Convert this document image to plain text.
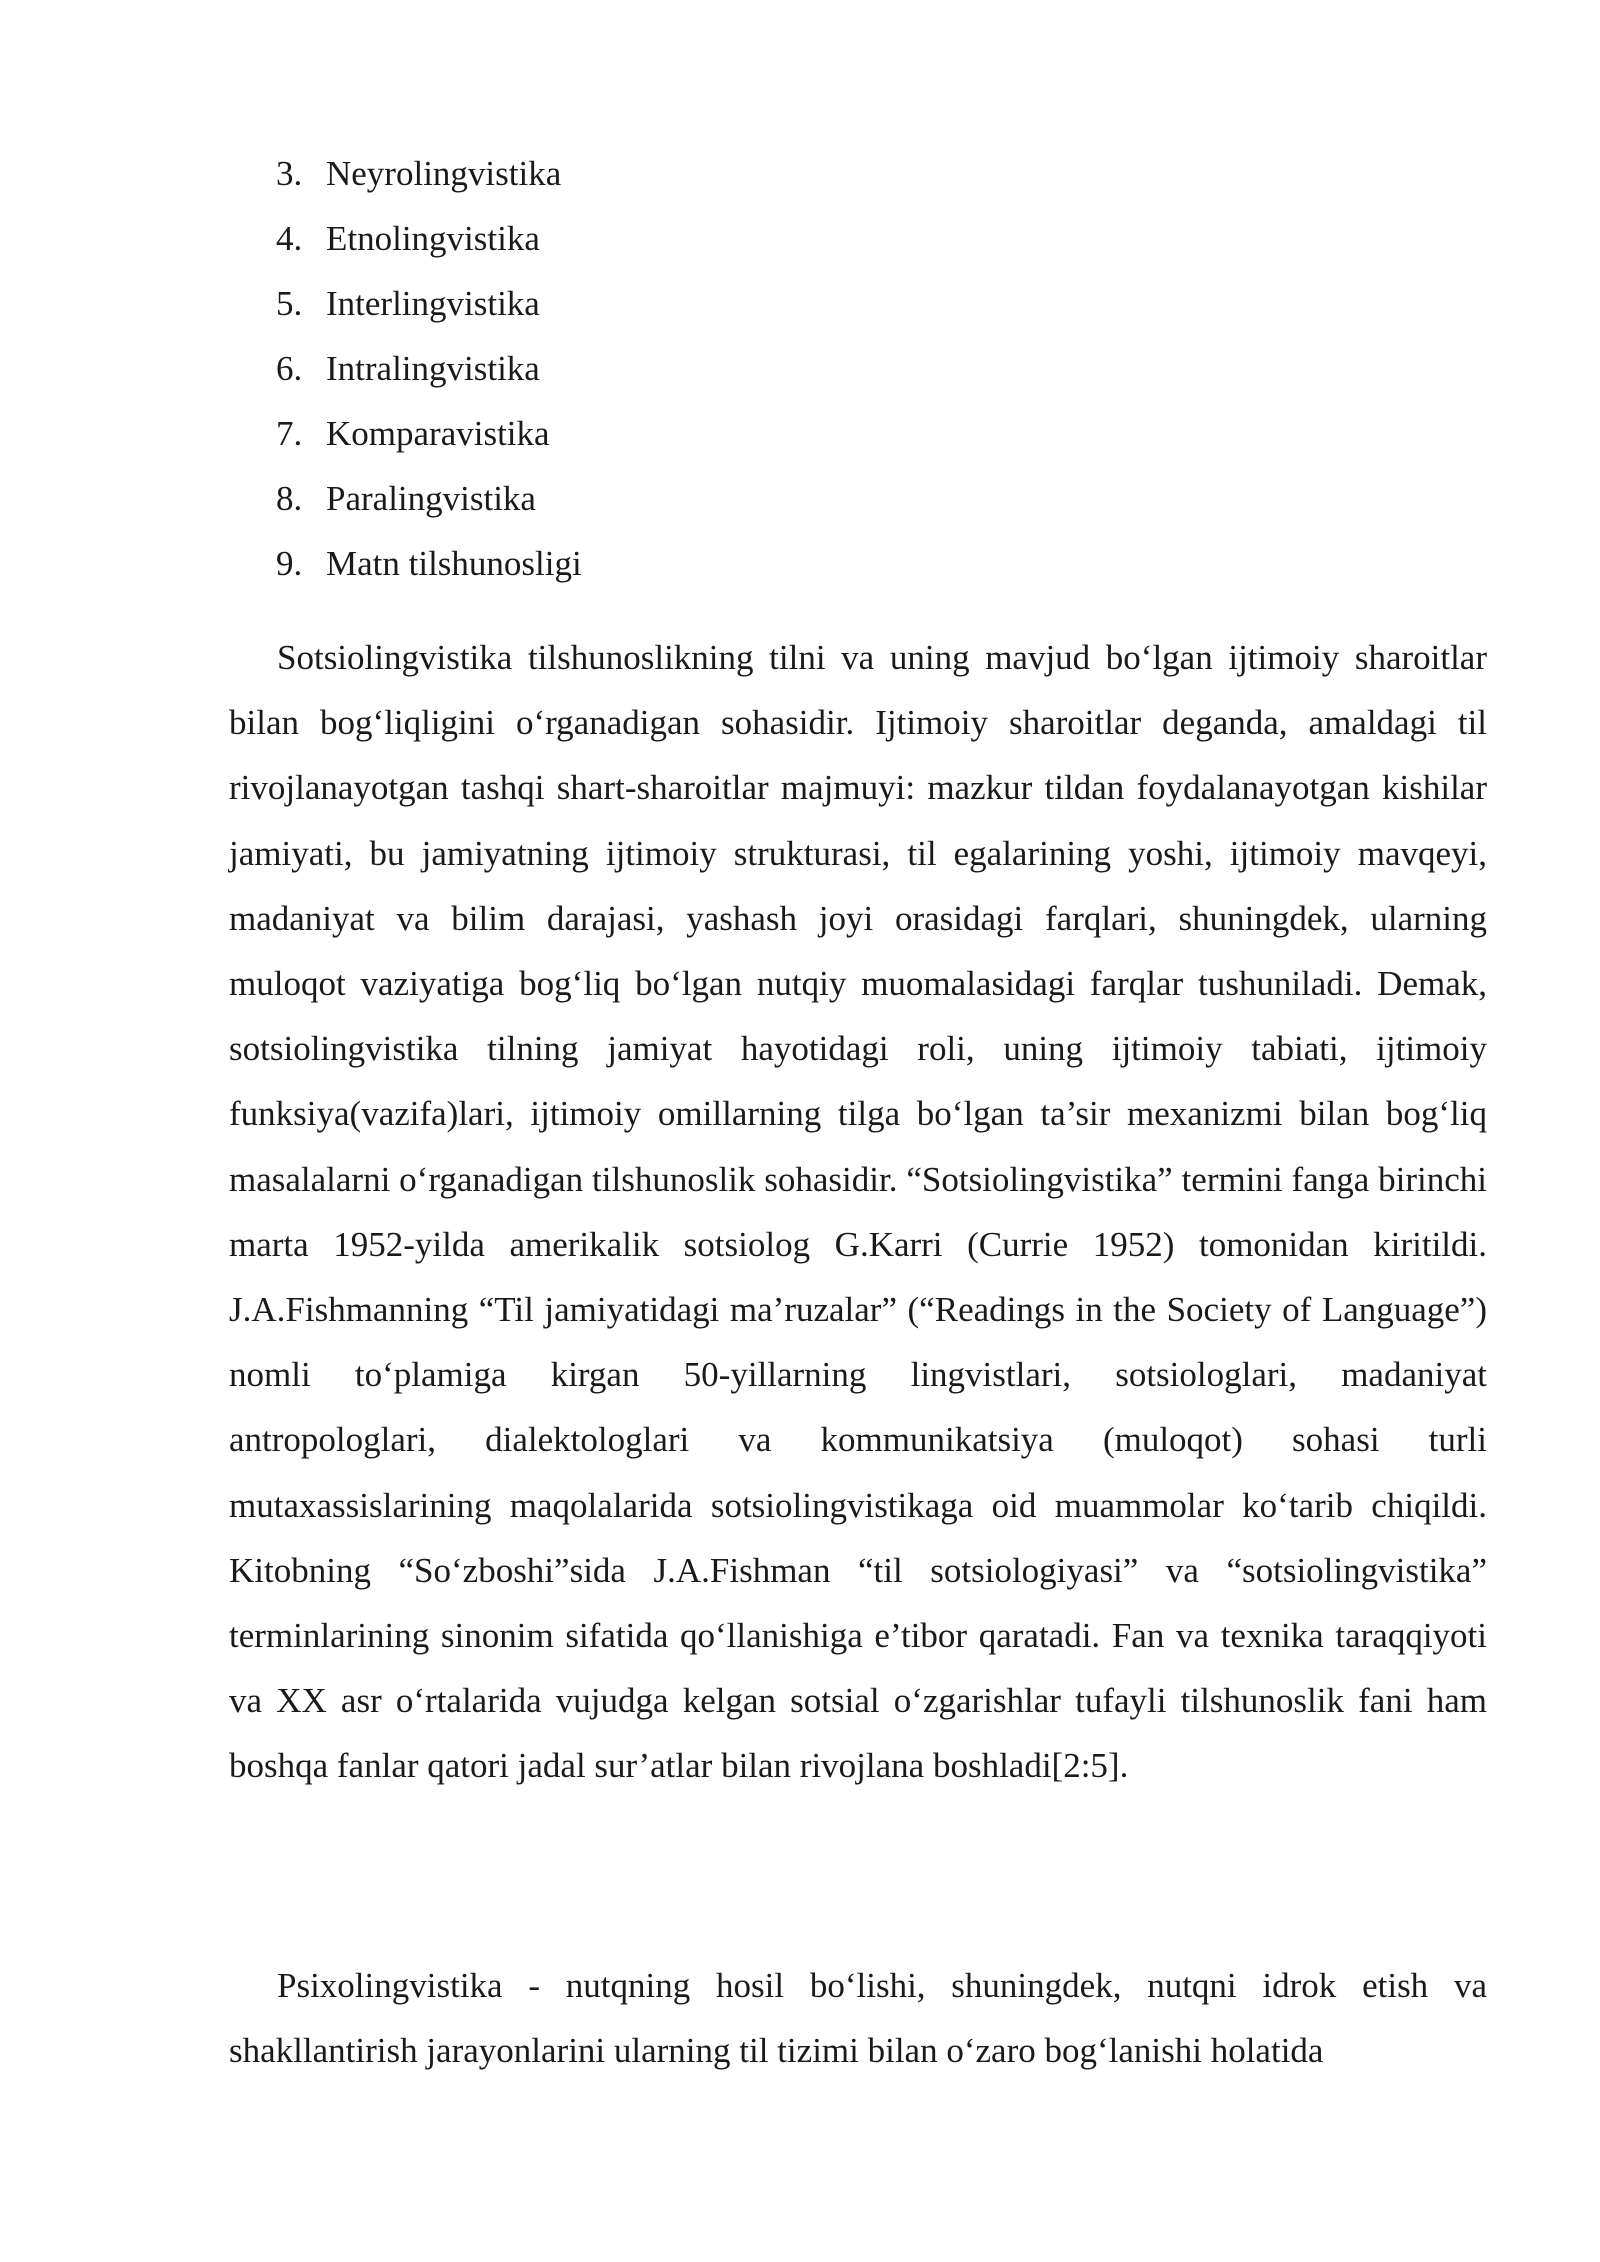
3. Neyrolingvistika
4. Etnolingvistika
5. Interlingvistika
6. Intralingvistika
7. Komparavistika
8. Paralingvistika
9. Matn tilshunosligi

Sotsiolingvistika tilshunoslikning tilni va uning mavjud bo‘lgan ijtimoiy sharoitlar bilan bog‘liqligini o‘rganadigan sohasidir. Ijtimoiy sharoitlar deganda, amaldagi til rivojlanayotgan tashqi shart-sharoitlar majmuyi: mazkur tildan foydalanayotgan kishilar jamiyati, bu jamiyatning ijtimoiy strukturasi, til egalarining yoshi, ijtimoiy mavqeyi, madaniyat va bilim darajasi, yashash joyi orasidagi farqlari, shuningdek, ularning muloqot vaziyatiga bog‘liq bo‘lgan nutqiy muomalasidagi farqlar tushuniladi. Demak, sotsiolingvistika tilning jamiyat hayotidagi roli, uning ijtimoiy tabiati, ijtimoiy funksiya(vazifa)lari, ijtimoiy omillarning tilga bo‘lgan ta’sir mexanizmi bilan bog‘liq masalalarni o‘rganadigan tilshunoslik sohasidir. “Sotsiolingvistika” termini fanga birinchi marta 1952-yilda amerikalik sotsiolog G.Karri (Currie 1952) tomonidan kiritildi. J.A.Fishmanning “Til jamiyatidagi ma’ruzalar” (“Readings in the Society of Language”) nomli to‘plamiga kirgan 50-yillarning lingvistlari, sotsiologlari, madaniyat antropologlari, dialektologlari va kommunikatsiya (muloqot) sohasi turli mutaxassislarining maqolalarida sotsiolingvistikaga oid muammolar ko‘tarib chiqildi. Kitobning “So‘zboshi”sida J.A.Fishman “til sotsiologiyasi” va “sotsiolingvistika” terminlarining sinonim sifatida qo‘llanishiga e’tibor qaratadi. Fan va texnika taraqqiyoti va XX asr o‘rtalarida vujudga kelgan sotsial o‘zgarishlar tufayli tilshunoslik fani ham boshqa fanlar qatori jadal sur’atlar bilan rivojlana boshladi[2:5].

Psixolingvistika - nutqning hosil bo‘lishi, shuningdek, nutqni idrok etish va shakllantirish jarayonlarini ularning til tizimi bilan o‘zaro bog‘lanishi holatida
